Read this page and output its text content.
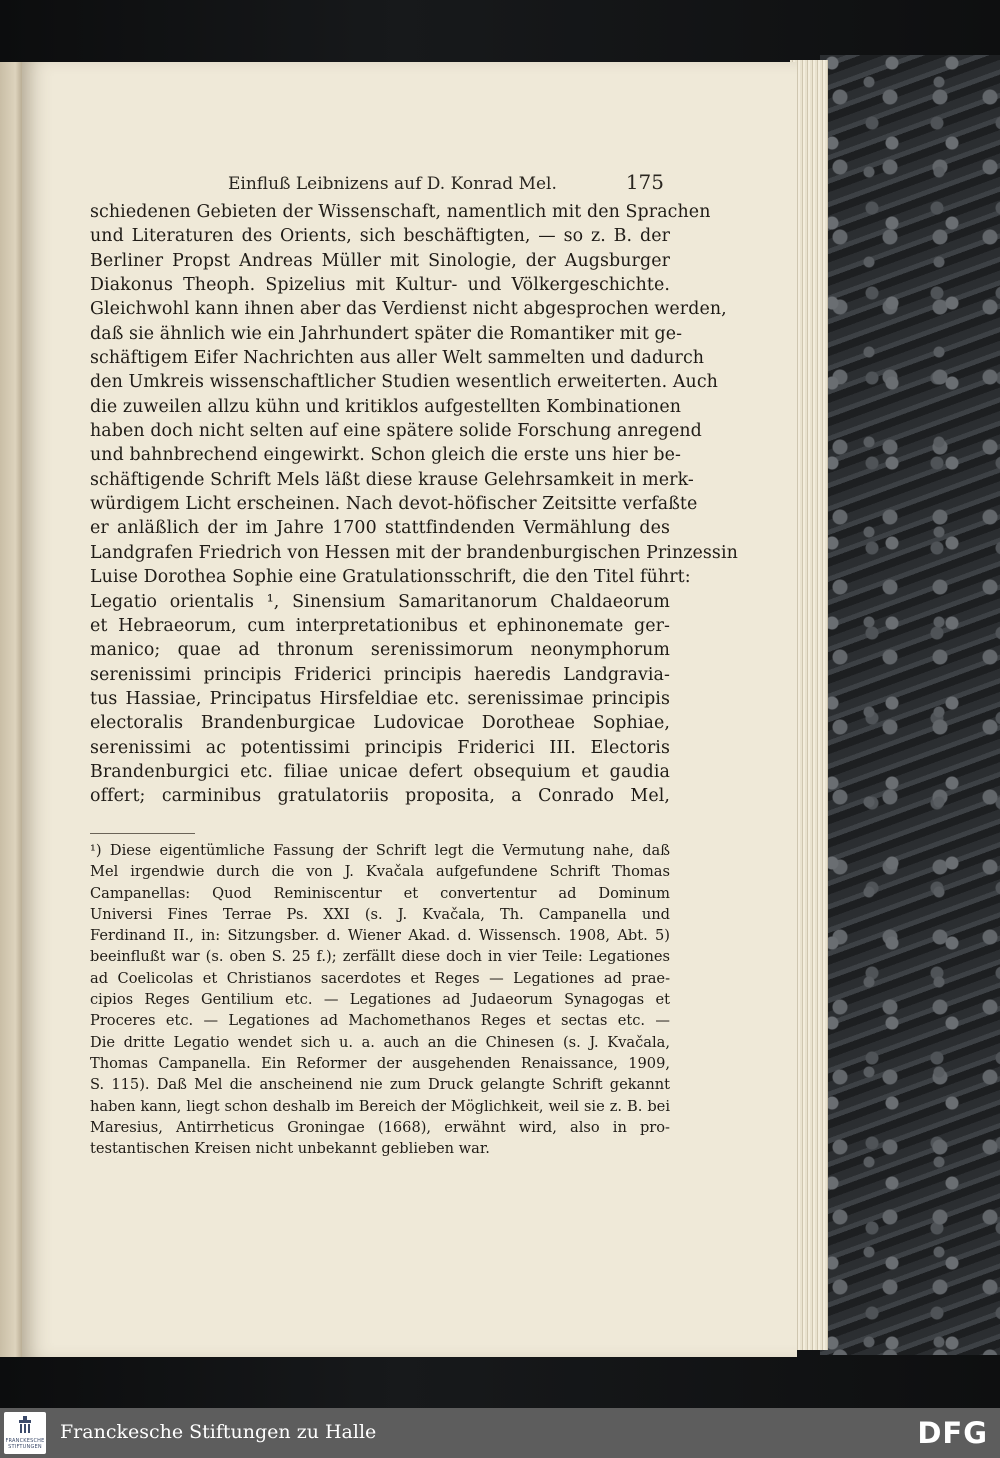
Einfluß Leibnizens auf D. Konrad Mel.	175
schiedenen Gebieten der Wissenschaft, namentlich mit den Sprachen
und Literaturen des Orients, sich beschäftigten, — so z. B. der
Berliner Propst Andreas Müller mit Sinologie, der Augsburger
Diakonus Theoph. Spizelius mit Kultur- und Völkergeschichte.
Gleichwohl kann ihnen aber das Verdienst nicht abgesprochen werden,
daß sie ähnlich wie ein Jahrhundert später die Romantiker mit ge-
schäftigem Eifer Nachrichten aus aller Welt sammelten und dadurch
den Umkreis wissenschaftlicher Studien wesentlich erweiterten. Auch
die zuweilen allzu kühn und kritiklos aufgestellten Kombinationen
haben doch nicht selten auf eine spätere solide Forschung anregend
und bahnbrechend eingewirkt. Schon gleich die erste uns hier be-
schäftigende Schrift Mels läßt diese krause Gelehrsamkeit in merk-
würdigem Licht erscheinen. Nach devot-höfischer Zeitsitte verfaßte
er anläßlich der im Jahre 1700 stattfindenden Vermählung des
Landgrafen Friedrich von Hessen mit der brandenburgischen Prinzessin
Luise Dorothea Sophie eine Gratulationsschrift, die den Titel führt:
Legatio orientalis ¹, Sinensium Samaritanorum Chaldaeorum
et Hebraeorum, cum interpretationibus et ephinonemate ger-
manico; quae ad thronum serenissimorum neonymphorum
serenissimi principis Friderici principis haeredis Landgravia-
tus Hassiae, Principatus Hirsfeldiae etc. serenissimae principis
electoralis Brandenburgicae Ludovicae Dorotheae Sophiae,
serenissimi ac potentissimi principis Friderici III. Electoris
Brandenburgici etc. filiae unicae defert obsequium et gaudia
offert; carminibus gratulatoriis proposita, a Conrado Mel,
¹) Diese eigentümliche Fassung der Schrift legt die Vermutung nahe, daß
Mel irgendwie durch die von J. Kvačala aufgefundene Schrift Thomas
Campanellas: Quod Reminiscentur et convertentur ad Dominum
Universi Fines Terrae Ps. XXI (s. J. Kvačala, Th. Campanella und
Ferdinand II., in: Sitzungsber. d. Wiener Akad. d. Wissensch. 1908, Abt. 5)
beeinflußt war (s. oben S. 25 f.); zerfällt diese doch in vier Teile: Legationes
ad Coelicolas et Christianos sacerdotes et Reges — Legationes ad prae-
cipios Reges Gentilium etc. — Legationes ad Judaeorum Synagogas et
Proceres etc. — Legationes ad Machomethanos Reges et sectas etc. —
Die dritte Legatio wendet sich u. a. auch an die Chinesen (s. J. Kvačala,
Thomas Campanella. Ein Reformer der ausgehenden Renaissance, 1909,
S. 115). Daß Mel die anscheinend nie zum Druck gelangte Schrift gekannt
haben kann, liegt schon deshalb im Bereich der Möglichkeit, weil sie z. B. bei
Maresius, Antirrheticus Groningae (1668), erwähnt wird, also in pro-
testantischen Kreisen nicht unbekannt geblieben war.
FRANCKESCHE
STIFTUNGEN
Franckesche Stiftungen zu Halle	DFG
